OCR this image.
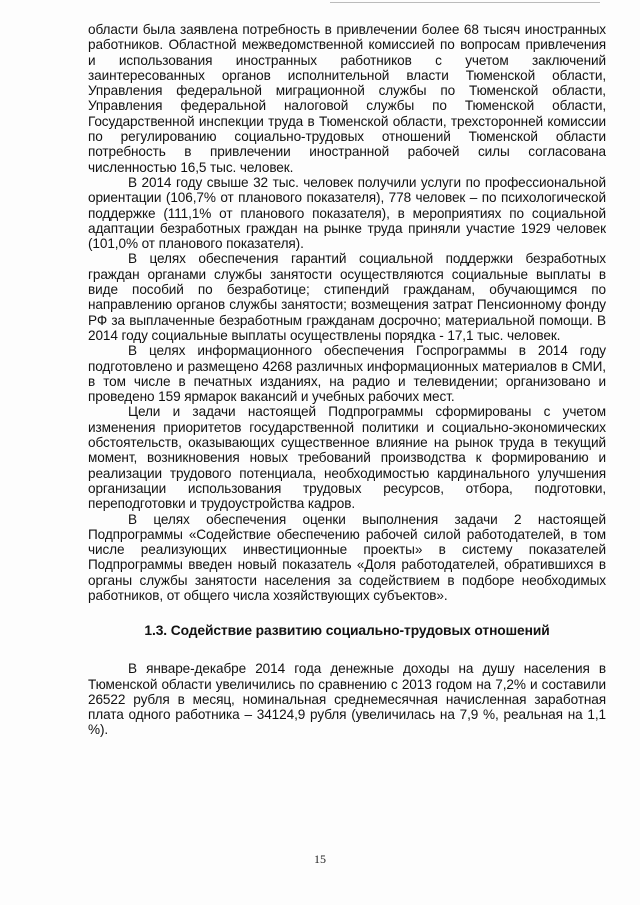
области была заявлена потребность в привлечении более 68 тысяч иностранных работников. Областной межведомственной комиссией по вопросам привлечения и использования иностранных работников с учетом заключений заинтересованных органов исполнительной власти Тюменской области, Управления федеральной миграционной службы по Тюменской области, Управления федеральной налоговой службы по Тюменской области, Государственной инспекции труда в Тюменской области, трехсторонней комиссии по регулированию социально-трудовых отношений Тюменской области потребность в привлечении иностранной рабочей силы согласована численностью 16,5 тыс. человек.

В 2014 году свыше 32 тыс. человек получили услуги по профессиональной ориентации (106,7% от планового показателя), 778 человек – по психологической поддержке (111,1% от планового показателя), в мероприятиях по социальной адаптации безработных граждан на рынке труда приняли участие 1929 человек (101,0% от планового показателя).

В целях обеспечения гарантий социальной поддержки безработных граждан органами службы занятости осуществляются социальные выплаты в виде пособий по безработице; стипендий гражданам, обучающимся по направлению органов службы занятости; возмещения затрат Пенсионному фонду РФ за выплаченные безработным гражданам досрочно; материальной помощи. В 2014 году социальные выплаты осуществлены порядка - 17,1 тыс. человек.

В целях информационного обеспечения Госпрограммы в 2014 году подготовлено и размещено 4268 различных информационных материалов в СМИ, в том числе в печатных изданиях, на радио и телевидении; организовано и проведено 159 ярмарок вакансий и учебных рабочих мест.

Цели и задачи настоящей Подпрограммы сформированы с учетом изменения приоритетов государственной политики и социально-экономических обстоятельств, оказывающих существенное влияние на рынок труда в текущий момент, возникновения новых требований производства к формированию и реализации трудового потенциала, необходимостью кардинального улучшения организации использования трудовых ресурсов, отбора, подготовки, переподготовки и трудоустройства кадров.

В целях обеспечения оценки выполнения задачи 2 настоящей Подпрограммы «Содействие обеспечению рабочей силой работодателей, в том числе реализующих инвестиционные проекты» в систему показателей Подпрограммы введен новый показатель «Доля работодателей, обратившихся в органы службы занятости населения за содействием в подборе необходимых работников, от общего числа хозяйствующих субъектов».

1.3. Содействие развитию социально-трудовых отношений

В январе-декабре 2014 года денежные доходы на душу населения в Тюменской области увеличились по сравнению с 2013 годом на 7,2% и составили 26522 рубля в месяц, номинальная среднемесячная начисленная заработная плата одного работника – 34124,9 рубля (увеличилась на 7,9 %, реальная на 1,1 %).

15
